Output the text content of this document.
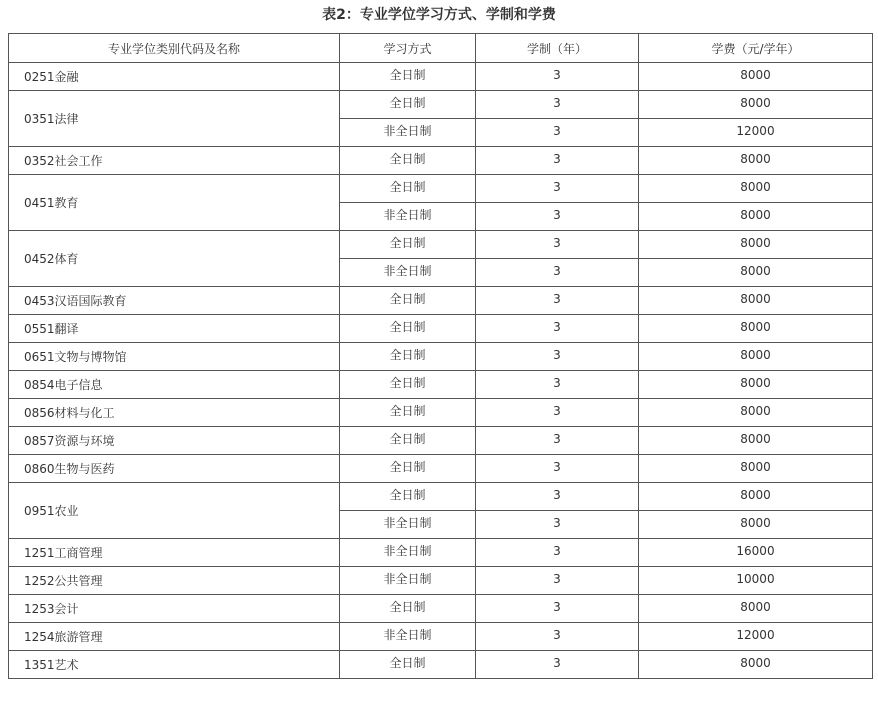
表2：专业学位学习方式、学制和学费
专业学位类别代码及名称	学习方式	学制（年）	学费（元/学年）
0251金融	全日制	3	8000
0351法律	全日制	3	8000
	非全日制	3	12000
0352社会工作	全日制	3	8000
0451教育	全日制	3	8000
	非全日制	3	8000
0452体育	全日制	3	8000
	非全日制	3	8000
0453汉语国际教育	全日制	3	8000
0551翻译	全日制	3	8000
0651文物与博物馆	全日制	3	8000
0854电子信息	全日制	3	8000
0856材料与化工	全日制	3	8000
0857资源与环境	全日制	3	8000
0860生物与医药	全日制	3	8000
0951农业	全日制	3	8000
	非全日制	3	8000
1251工商管理	非全日制	3	16000
1252公共管理	非全日制	3	10000
1253会计	全日制	3	8000
1254旅游管理	非全日制	3	12000
1351艺术	全日制	3	8000
